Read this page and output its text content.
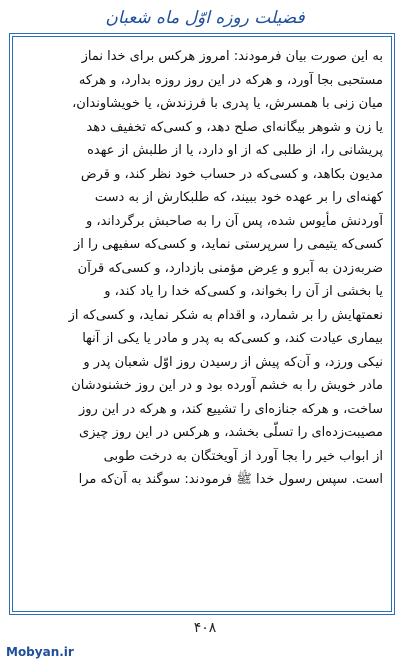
فضیلت روزه اوّل ماه شعبان
به این صورت بیان فرمودند: امروز هرکس برای خدا نماز
مستحبی بجا آورد، و هرکه در این روز روزه بدارد، و هرکه
میان زنی با همسرش، یا پدری با فرزندش، یا خویشاوندان،
یا زن و شوهر بیگانه‌ای صلح دهد، و کسی‌که تخفیف دهد
پریشانی را، از طلبی که از او دارد، یا از طلبش از عهده
مدیون بکاهد، و کسی‌که در حساب خود نظر کند، و قرض
کهنه‌ای را بر عهده خود ببیند، که طلبکارش از به دست
آوردنش مأیوس شده، پس آن را به صاحبش برگرداند، و
کسی‌که یتیمی را سرپرستی نماید، و کسی‌که سفیهی را از
ضربه‌زدن به آبرو و عِرض مؤمنی بازدارد، و کسی‌که قرآن
یا بخشی از آن را بخواند، و کسی‌که خدا را یاد کند، و
نعمتهایش را بر شمارد، و اقدام به شکر نماید، و کسی‌که از
بیماری عیادت کند، و کسی‌که به پدر و مادر یا یکی از آنها
نیکی ورزد، و آن‌که پیش از رسیدن روز اوّل شعبان پدر و
مادر خویش را به خشم آورده بود و در این روز خشنودشان
ساخت، و هرکه جنازه‌ای را تشییع کند، و هرکه در این روز
مصیبت‌زده‌ای را تسلّی بخشد، و هرکس در این روز چیزی
از ابواب خیر را بجا آورد از آویختگان به درخت طوبی
است. سپس رسول خدا ﷺ فرمودند: سوگند به آن‌که مرا
۴۰۸
Mobyan.ir
